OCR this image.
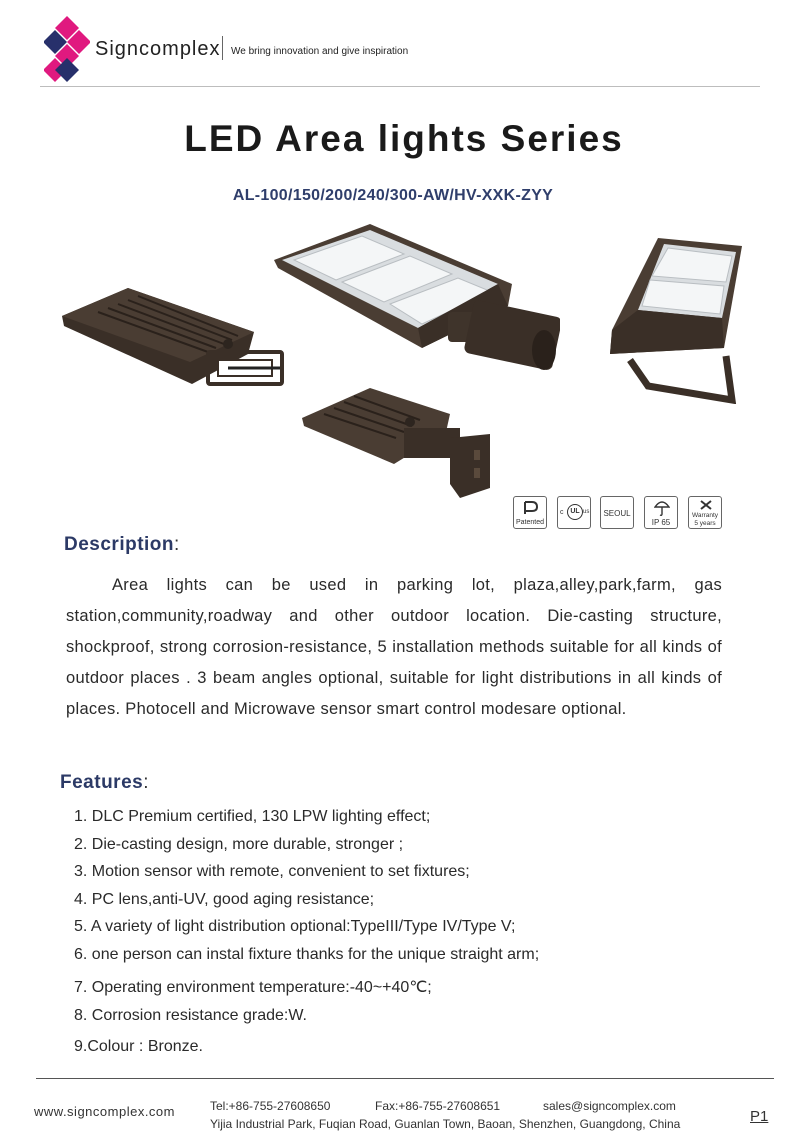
Signcomplex We bring innovation and give inspiration
LED Area lights Series
AL-100/150/200/240/300-AW/HV-XXK-ZYY
Patented
c UL us	SEOUL
IP 65
Warranty
5 years
Description:

Area lights can be used in parking lot, plaza,alley,park,farm, gas station,community,roadway and other outdoor location. Die-casting structure, shockproof, strong corrosion-resistance, 5 installation methods suitable for all kinds of outdoor places . 3 beam angles optional, suitable for light distributions in all kinds of places. Photocell and Microwave sensor smart control modesare optional.

Features:
1. DLC Premium certified, 130 LPW lighting effect;
2. Die-casting design, more durable, stronger ;
3. Motion sensor with remote, convenient to set fixtures;
4. PC lens,anti-UV, good aging resistance;
5. A variety of light distribution optional:TypeIII/Type IV/Type V;
6. one person can instal fixture thanks for the unique straight arm;
7. Operating environment temperature:-40~+40℃;
8. Corrosion resistance grade:W.
9.Colour : Bronze.
www.signcomplex.com	Tel:+86-755-27608650	Fax:+86-755-27608651	sales@signcomplex.com
Yijia Industrial Park, Fuqian Road, Guanlan Town, Baoan, Shenzhen, Guangdong, China	P1
